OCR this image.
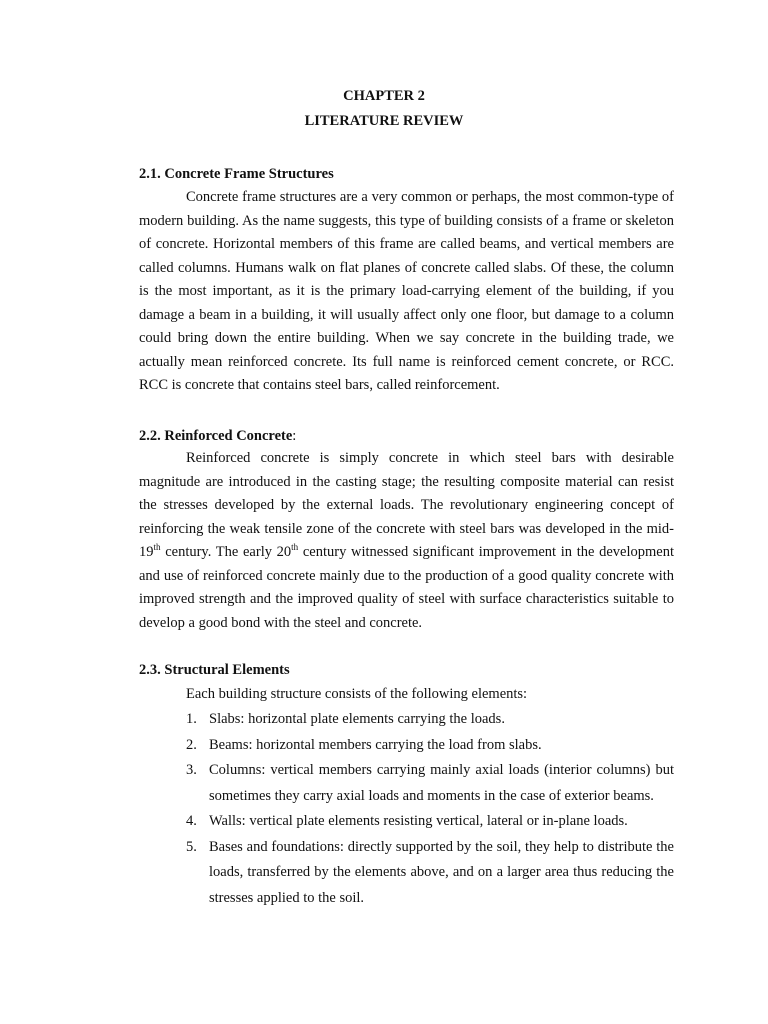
CHAPTER 2
LITERATURE REVIEW
2.1. Concrete Frame Structures

Concrete frame structures are a very common or perhaps, the most common-type of modern building. As the name suggests, this type of building consists of a frame or skeleton of concrete. Horizontal members of this frame are called beams, and vertical members are called columns. Humans walk on flat planes of concrete called slabs. Of these, the column is the most important, as it is the primary load-carrying element of the building, if you damage a beam in a building, it will usually affect only one floor, but damage to a column could bring down the entire building. When we say concrete in the building trade, we actually mean reinforced concrete. Its full name is reinforced cement concrete, or RCC. RCC is concrete that contains steel bars, called reinforcement.

2.2. Reinforced Concrete:

Reinforced concrete is simply concrete in which steel bars with desirable magnitude are introduced in the casting stage; the resulting composite material can resist the stresses developed by the external loads. The revolutionary engineering concept of reinforcing the weak tensile zone of the concrete with steel bars was developed in the mid-19th century. The early 20th century witnessed significant improvement in the development and use of reinforced concrete mainly due to the production of a good quality concrete with improved strength and the improved quality of steel with surface characteristics suitable to develop a good bond with the steel and concrete.

2.3. Structural Elements
Each building structure consists of the following elements:
1. Slabs: horizontal plate elements carrying the loads.
2. Beams: horizontal members carrying the load from slabs.
3. Columns: vertical members carrying mainly axial loads (interior columns) but sometimes they carry axial loads and moments in the case of exterior beams.
4. Walls: vertical plate elements resisting vertical, lateral or in-plane loads.
5. Bases and foundations: directly supported by the soil, they help to distribute the loads, transferred by the elements above, and on a larger area thus reducing the stresses applied to the soil.
